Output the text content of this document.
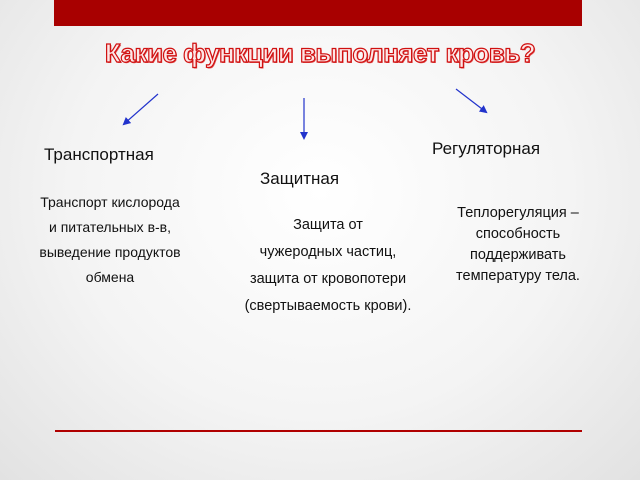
Какие функции выполняет кровь?
Транспортная
Транспорт кислорода
и питательных в-в,
выведение продуктов
обмена
Защитная
Защита от
чужеродных частиц,
защита от кровопотери
(свертываемость крови).
Регуляторная
Теплорегуляция –
способность
поддерживать
температуру тела.
